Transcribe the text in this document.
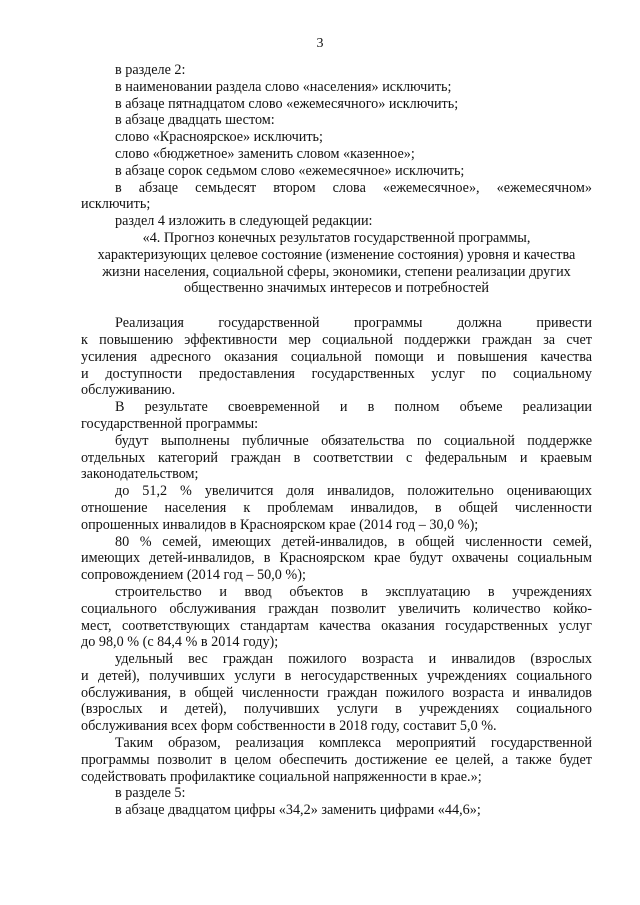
3
в разделе 2:
в наименовании раздела слово «населения» исключить;
в абзаце пятнадцатом слово «ежемесячного» исключить;
в абзаце двадцать шестом:
слово «Красноярское» исключить;
слово «бюджетное» заменить словом «казенное»;
в абзаце сорок седьмом слово «ежемесячное» исключить;
в абзаце семьдесят втором слова «ежемесячное», «ежемесячном»
исключить;
раздел 4 изложить в следующей редакции:
«4. Прогноз конечных результатов государственной программы,
характеризующих целевое состояние (изменение состояния) уровня и качества
жизни населения, социальной сферы, экономики, степени реализации других
общественно значимых интересов и потребностей
Реализация государственной программы должна привести
к повышению эффективности мер социальной поддержки граждан за счет
усиления адресного оказания социальной помощи и повышения качества
и доступности предоставления государственных услуг по социальному
обслуживанию.
В результате своевременной и в полном объеме реализации
государственной программы:
будут выполнены публичные обязательства по социальной поддержке
отдельных категорий граждан в соответствии с федеральным и краевым
законодательством;
до 51,2 % увеличится доля инвалидов, положительно оценивающих
отношение населения к проблемам инвалидов, в общей численности
опрошенных инвалидов в Красноярском крае (2014 год – 30,0 %);
80 % семей, имеющих детей-инвалидов, в общей численности семей,
имеющих детей-инвалидов, в Красноярском крае будут охвачены социальным
сопровождением (2014 год – 50,0 %);
строительство и ввод объектов в эксплуатацию в учреждениях
социального обслуживания граждан позволит увеличить количество койко-
мест, соответствующих стандартам качества оказания государственных услуг
до 98,0 % (с 84,4 % в 2014 году);
удельный вес граждан пожилого возраста и инвалидов (взрослых
и детей), получивших услуги в негосударственных учреждениях социального
обслуживания, в общей численности граждан пожилого возраста и инвалидов
(взрослых и детей), получивших услуги в учреждениях социального
обслуживания всех форм собственности в 2018 году, составит 5,0 %.
Таким образом, реализация комплекса мероприятий государственной
программы позволит в целом обеспечить достижение ее целей, а также будет
содействовать профилактике социальной напряженности в крае.»;
в разделе 5:
в абзаце двадцатом цифры «34,2» заменить цифрами «44,6»;
